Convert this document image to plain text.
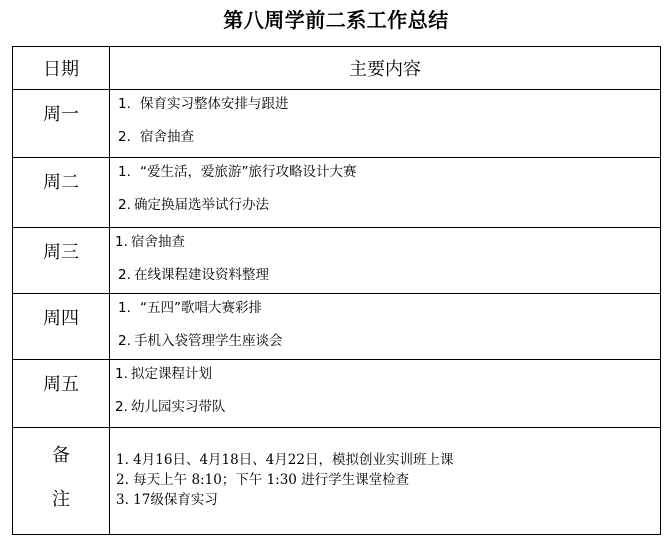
第八周学前二系工作总结
日期	主要内容
周一	1. 保育实习整体安排与跟进
2. 宿舍抽查

周二	1. “爱生活，爱旅游”旅行攻略设计大赛
2. 确定换届选举试行办法

周三	1. 宿舍抽查
2. 在线课程建设资料整理

周四	1. “五四”歌唱大赛彩排
2. 手机入袋管理学生座谈会

周五	1. 拟定课程计划
2. 幼儿园实习带队

备
注	1. 4月16日、4月18日、4月22日，模拟创业实训班上课
2. 每天上午 8:10；下午 1:30 进行学生课堂检查
3. 17级保育实习
